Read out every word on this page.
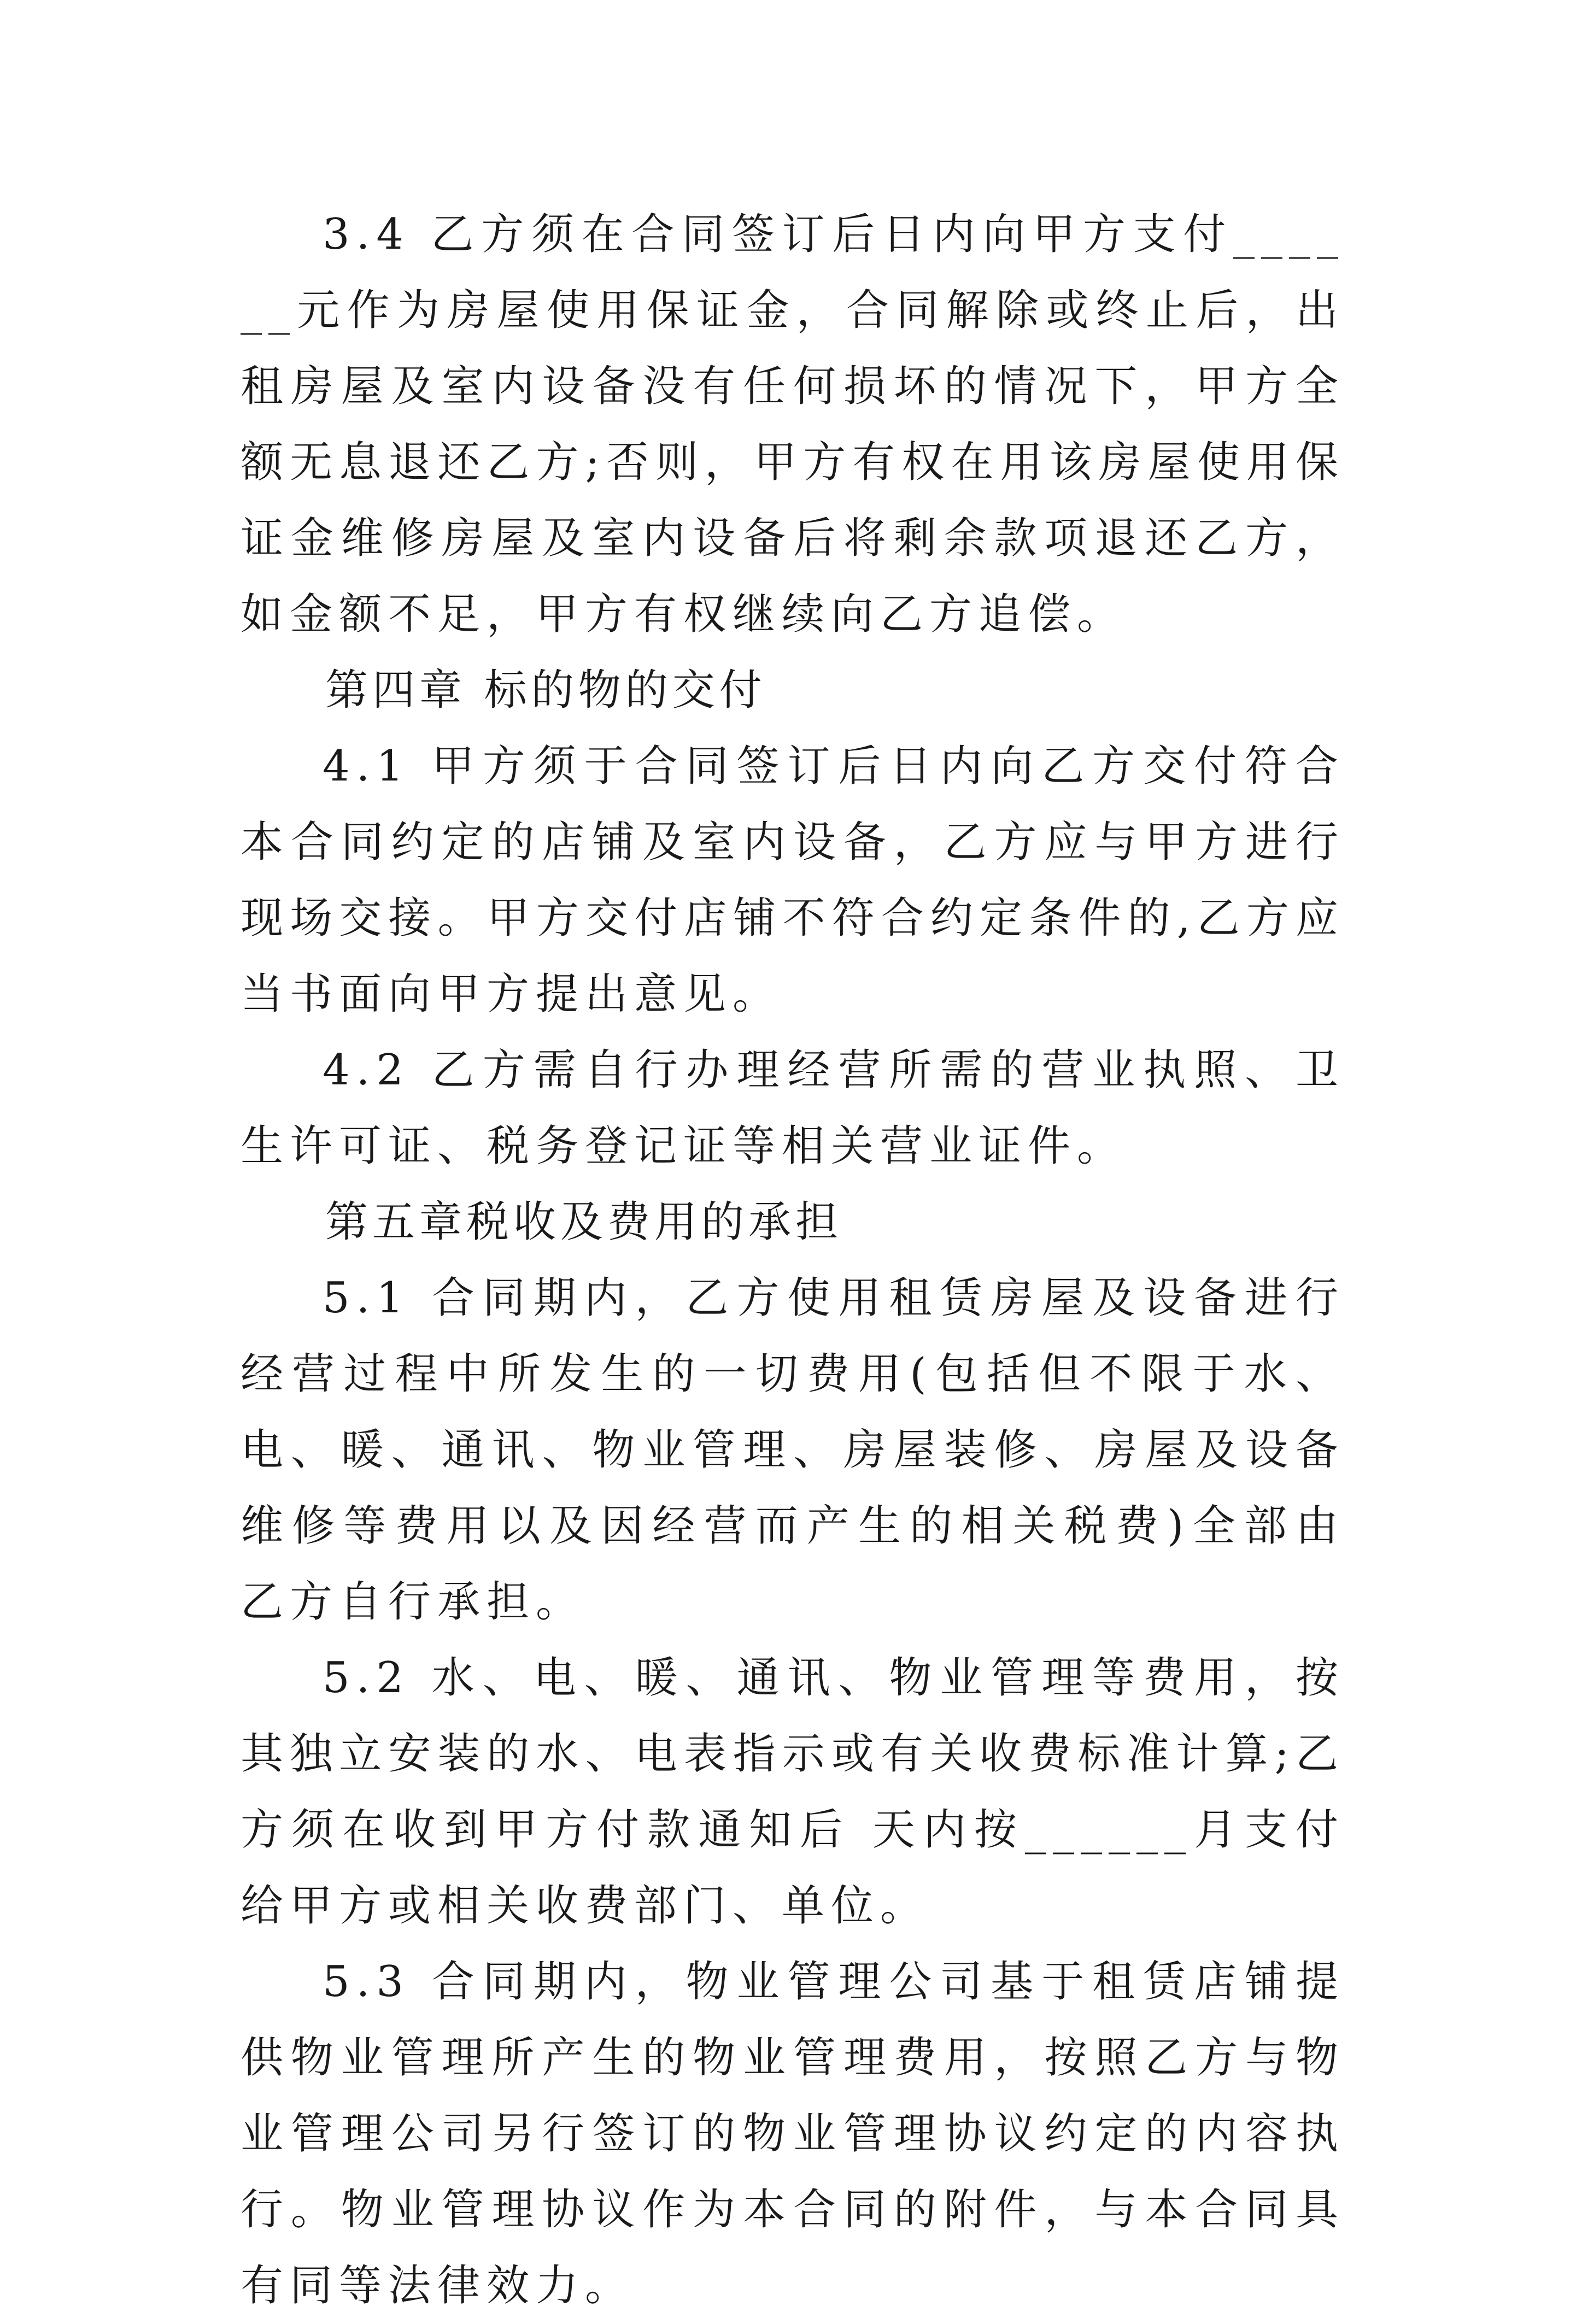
3.4 乙方须在合同签订后日内向甲方支付______元作为房屋使用保证金，合同解除或终止后，出租房屋及室内设备没有任何损坏的情况下，甲方全额无息退还乙方;否则，甲方有权在用该房屋使用保证金维修房屋及室内设备后将剩余款项退还乙方，如金额不足，甲方有权继续向乙方追偿。

第四章 标的物的交付

4.1 甲方须于合同签订后日内向乙方交付符合本合同约定的店铺及室内设备，乙方应与甲方进行现场交接。甲方交付店铺不符合约定条件的,乙方应当书面向甲方提出意见。

4.2 乙方需自行办理经营所需的营业执照、卫生许可证、税务登记证等相关营业证件。

第五章税收及费用的承担

5.1 合同期内，乙方使用租赁房屋及设备进行经营过程中所发生的一切费用(包括但不限于水、电、暖、通讯、物业管理、房屋装修、房屋及设备维修等费用以及因经营而产生的相关税费)全部由乙方自行承担。

5.2 水、电、暖、通讯、物业管理等费用，按其独立安装的水、电表指示或有关收费标准计算;乙方须在收到甲方付款通知后 天内按______月支付给甲方或相关收费部门、单位。

5.3 合同期内，物业管理公司基于租赁店铺提供物业管理所产生的物业管理费用，按照乙方与物业管理公司另行签订的物业管理协议约定的内容执行。物业管理协议作为本合同的附件，与本合同具有同等法律效力。
